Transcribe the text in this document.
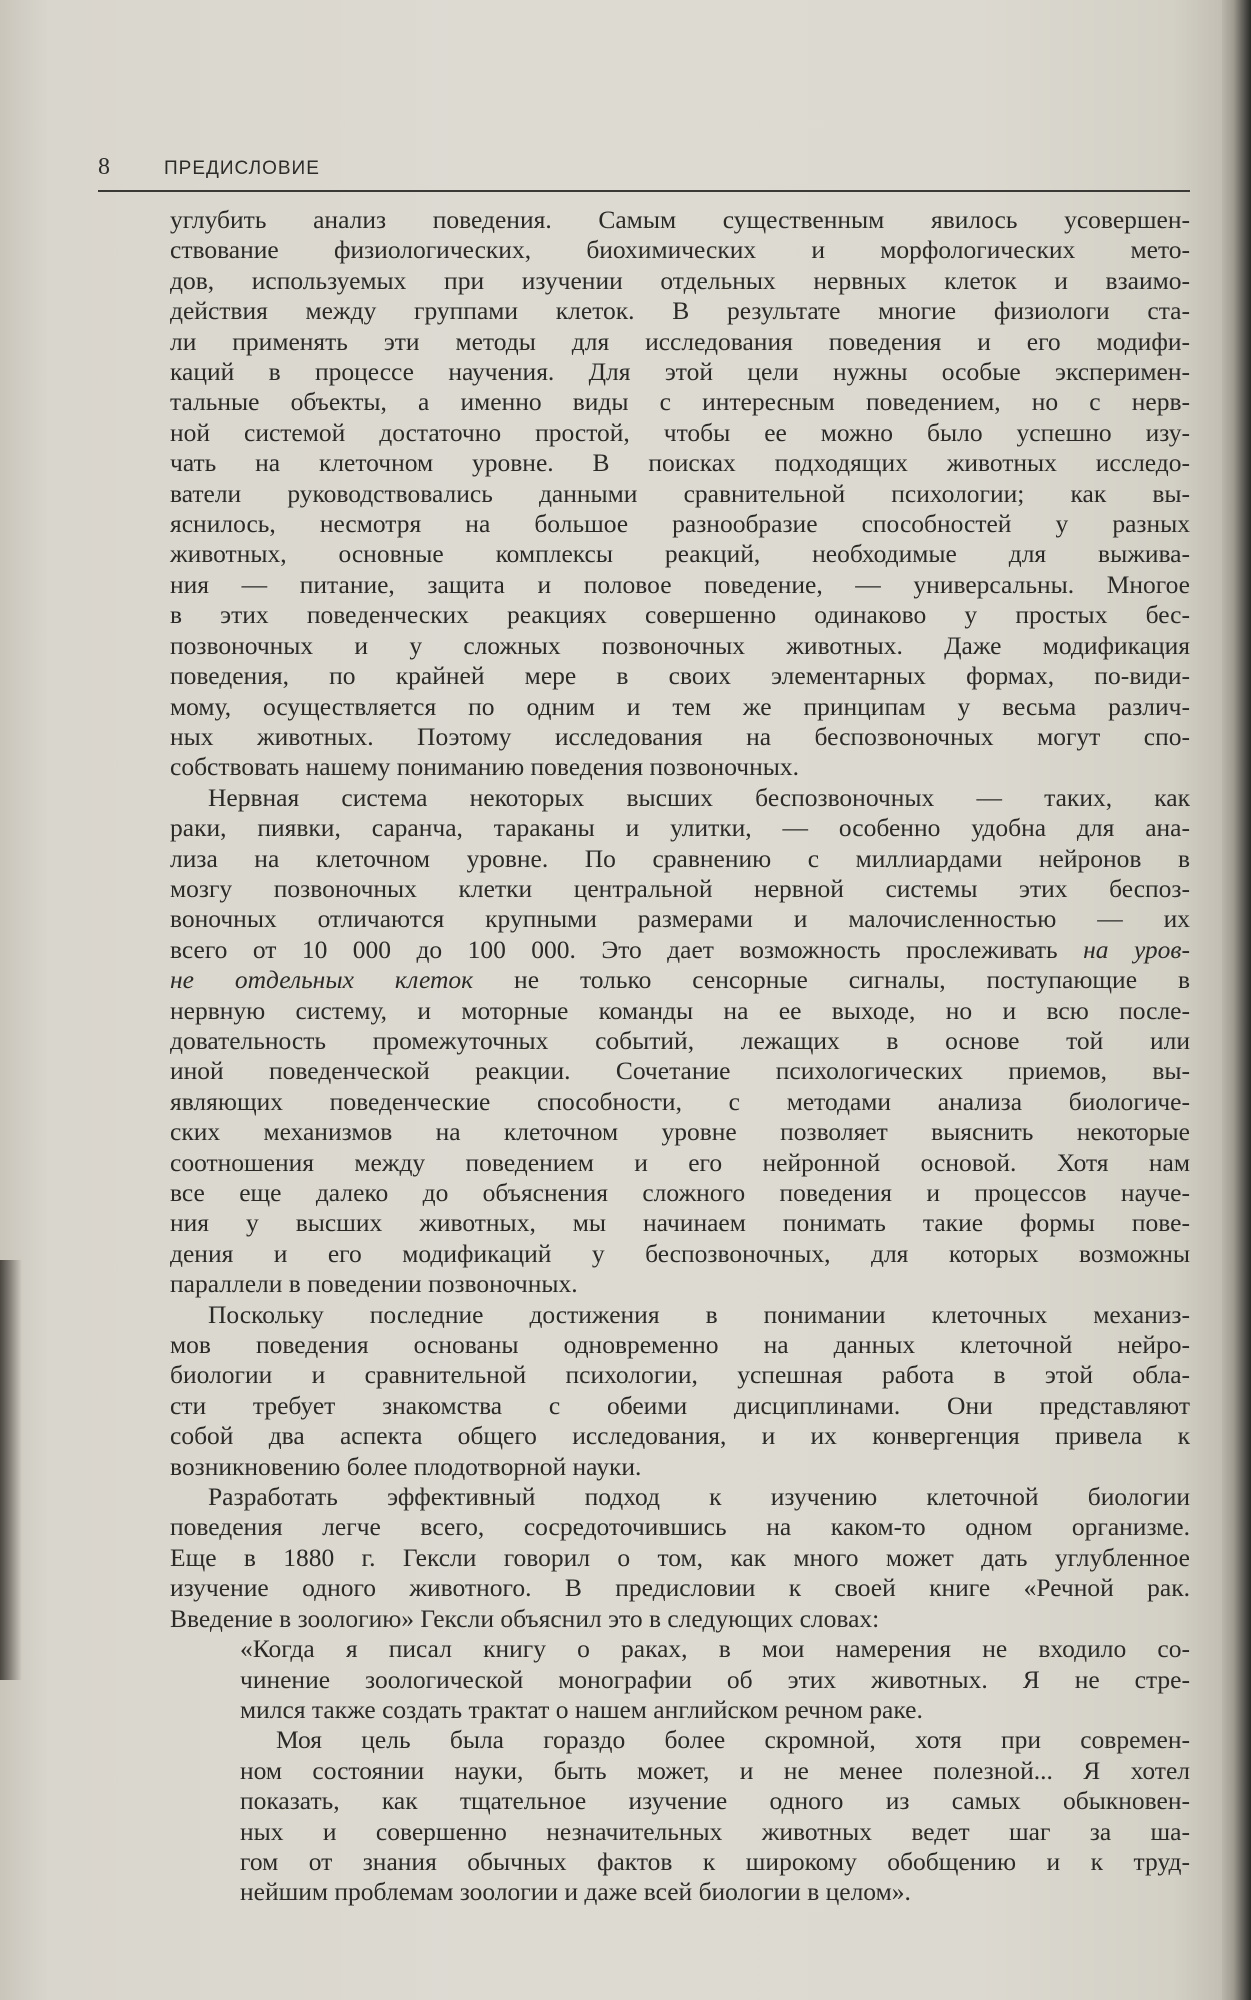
8	ПРЕДИСЛОВИЕ

углубить анализ поведения. Самым существенным явилось усовершен-
ствование физиологических, биохимических и морфологических мето-
дов, используемых при изучении отдельных нервных клеток и взаимо-
действия между группами клеток. В результате многие физиологи ста-
ли применять эти методы для исследования поведения и его модифи-
каций в процессе научения. Для этой цели нужны особые эксперимен-
тальные объекты, а именно виды с интересным поведением, но с нерв-
ной системой достаточно простой, чтобы ее можно было успешно изу-
чать на клеточном уровне. В поисках подходящих животных исследо-
ватели руководствовались данными сравнительной психологии; как вы-
яснилось, несмотря на большое разнообразие способностей у разных
животных, основные комплексы реакций, необходимые для выжива-
ния — питание, защита и половое поведение, — универсальны. Многое
в этих поведенческих реакциях совершенно одинаково у простых бес-
позвоночных и у сложных позвоночных животных. Даже модификация
поведения, по крайней мере в своих элементарных формах, по-види-
мому, осуществляется по одним и тем же принципам у весьма различ-
ных животных. Поэтому исследования на беспозвоночных могут спо-
собствовать нашему пониманию поведения позвоночных.

Нервная система некоторых высших беспозвоночных — таких, как
раки, пиявки, саранча, тараканы и улитки, — особенно удобна для ана-
лиза на клеточном уровне. По сравнению с миллиардами нейронов в
мозгу позвоночных клетки центральной нервной системы этих беспоз-
воночных отличаются крупными размерами и малочисленностью — их
всего от 10 000 до 100 000. Это дает возможность прослеживать на уров-
не отдельных клеток не только сенсорные сигналы, поступающие в
нервную систему, и моторные команды на ее выходе, но и всю после-
довательность промежуточных событий, лежащих в основе той или
иной поведенческой реакции. Сочетание психологических приемов, вы-
являющих поведенческие способности, с методами анализа биологиче-
ских механизмов на клеточном уровне позволяет выяснить некоторые
соотношения между поведением и его нейронной основой. Хотя нам
все еще далеко до объяснения сложного поведения и процессов науче-
ния у высших животных, мы начинаем понимать такие формы пове-
дения и его модификаций у беспозвоночных, для которых возможны
параллели в поведении позвоночных.

Поскольку последние достижения в понимании клеточных механиз-
мов поведения основаны одновременно на данных клеточной нейро-
биологии и сравнительной психологии, успешная работа в этой обла-
сти требует знакомства с обеими дисциплинами. Они представляют
собой два аспекта общего исследования, и их конвергенция привела к
возникновению более плодотворной науки.

Разработать эффективный подход к изучению клеточной биологии
поведения легче всего, сосредоточившись на каком-то одном организме.
Еще в 1880 г. Гексли говорил о том, как много может дать углубленное
изучение одного животного. В предисловии к своей книге «Речной рак.
Введение в зоологию» Гексли объяснил это в следующих словах:

«Когда я писал книгу о раках, в мои намерения не входило со-
чинение зоологической монографии об этих животных. Я не стре-
мился также создать трактат о нашем английском речном раке.

Моя цель была гораздо более скромной, хотя при современ-
ном состоянии науки, быть может, и не менее полезной... Я хотел
показать, как тщательное изучение одного из самых обыкновен-
ных и совершенно незначительных животных ведет шаг за ша-
гом от знания обычных фактов к широкому обобщению и к труд-
нейшим проблемам зоологии и даже всей биологии в целом».
